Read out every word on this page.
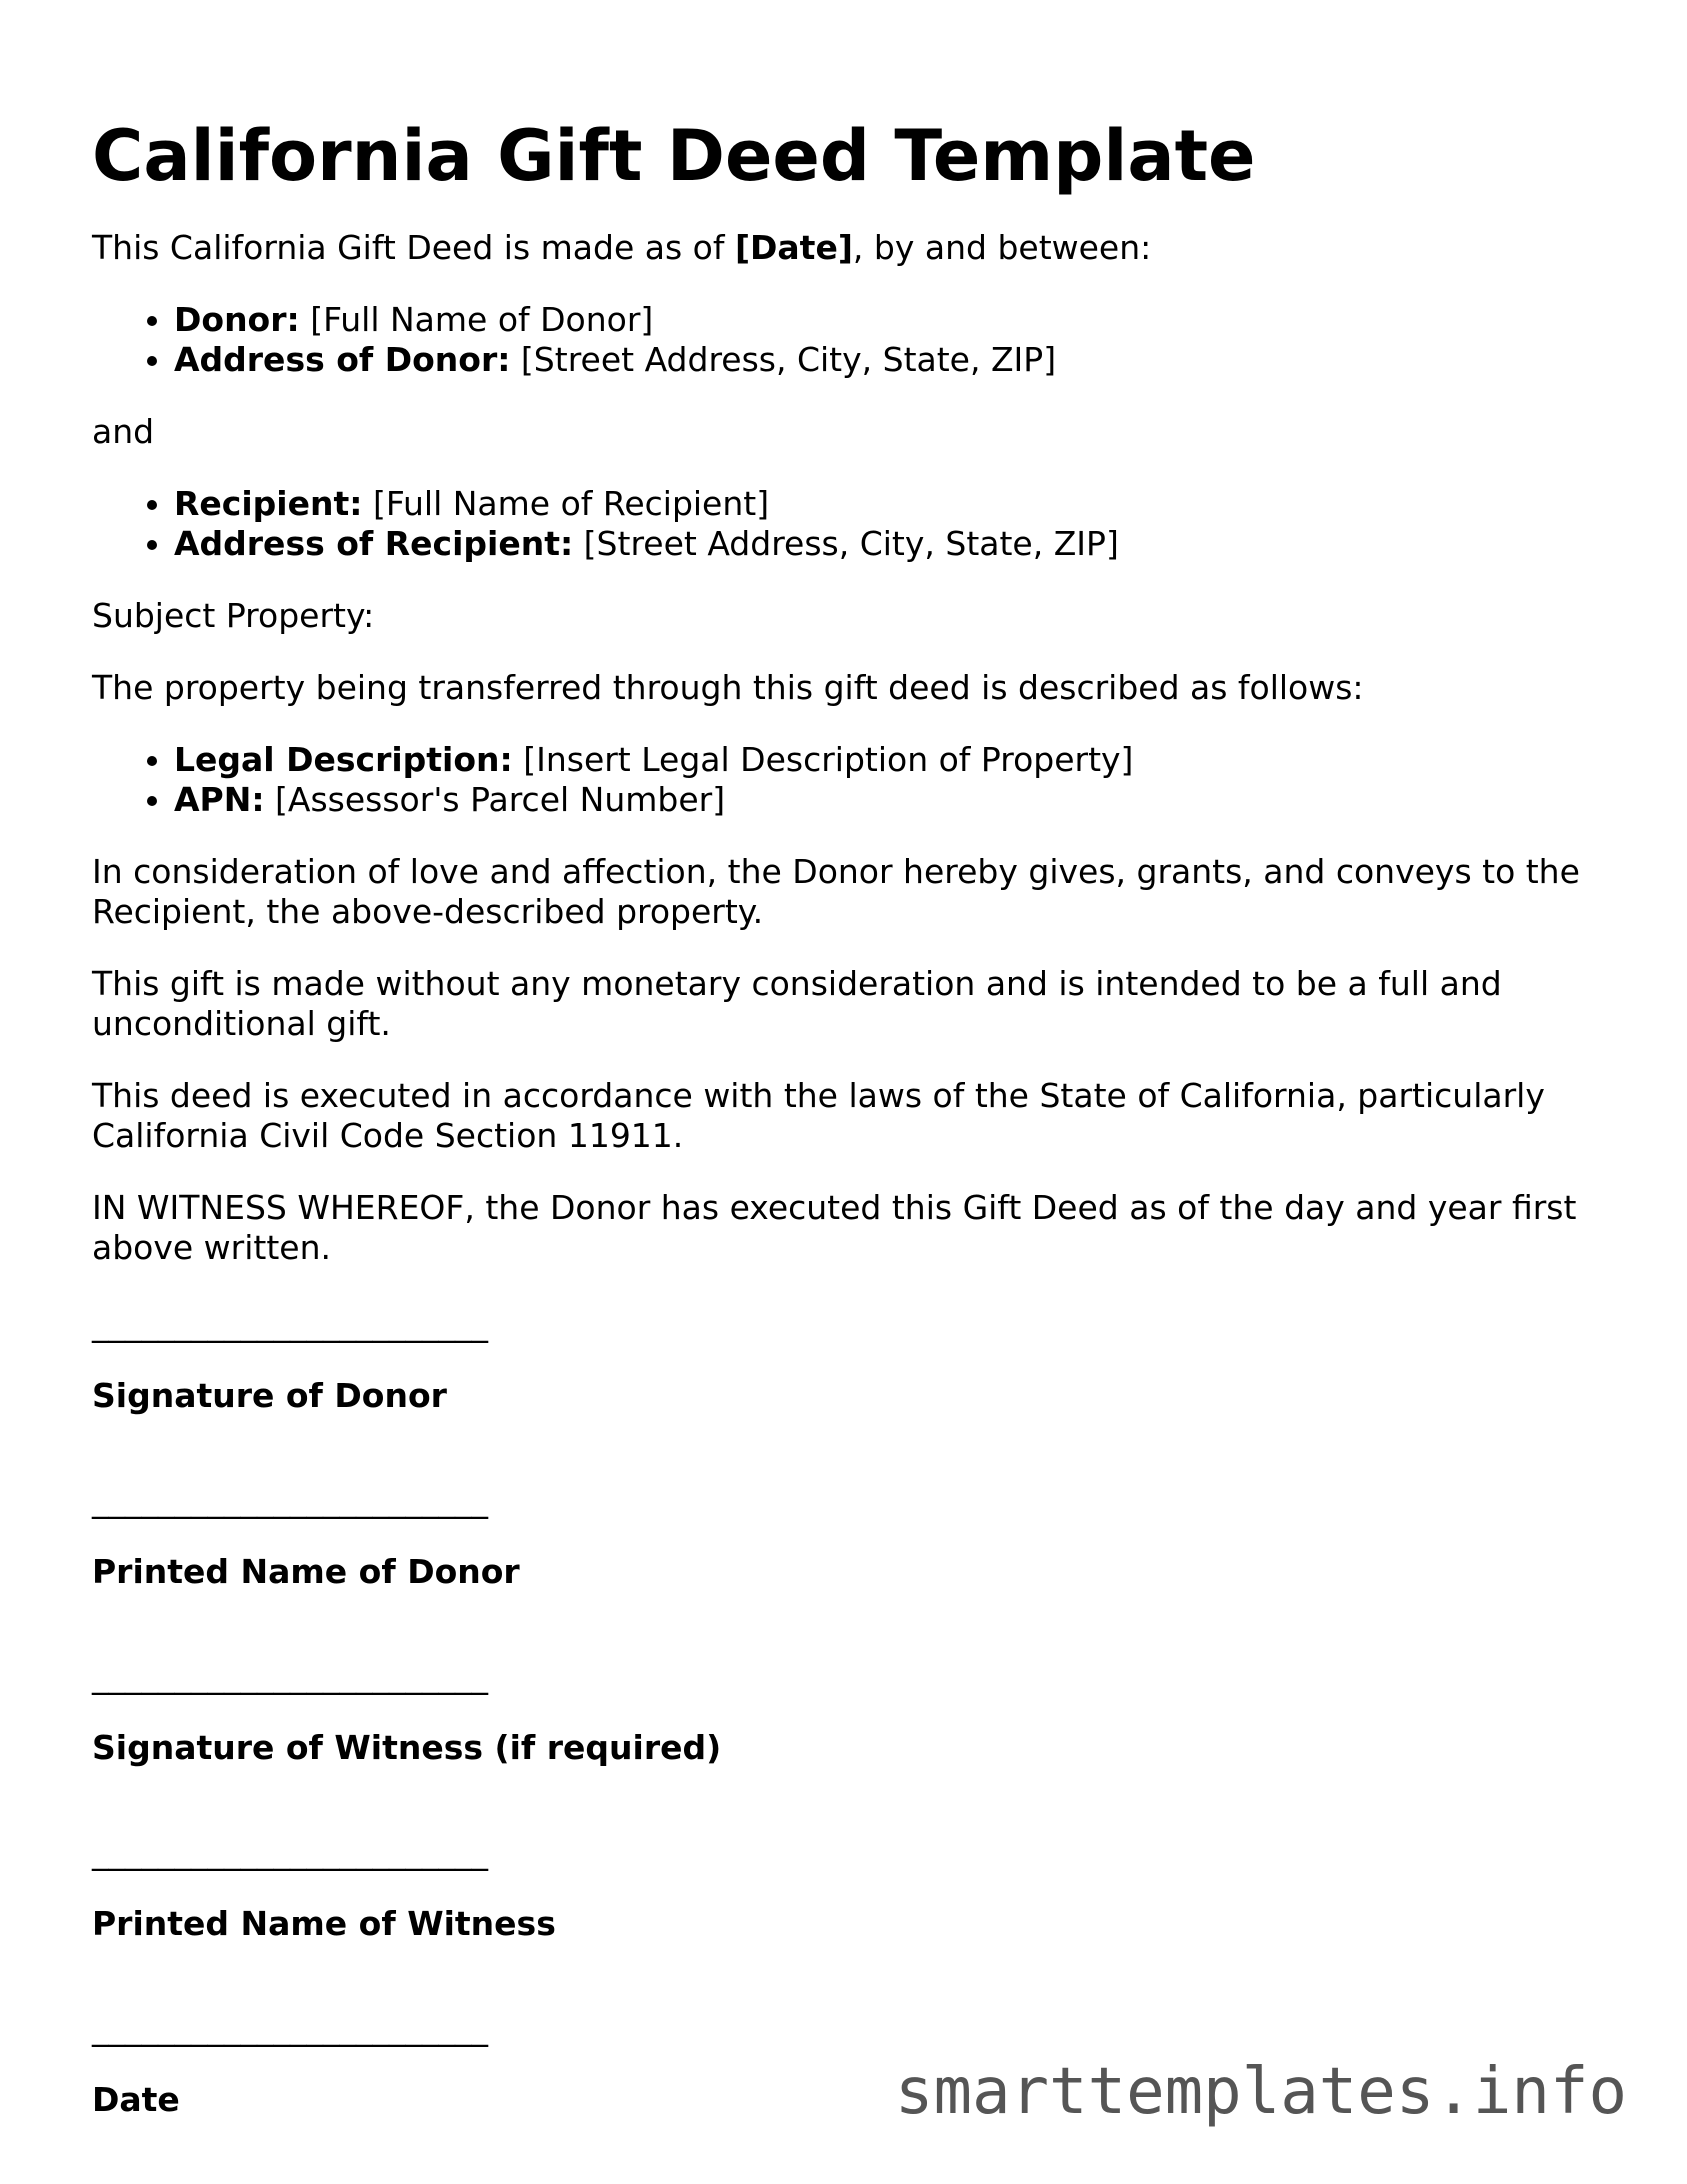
California Gift Deed Template

This California Gift Deed is made as of [Date], by and between:

• Donor: [Full Name of Donor]
• Address of Donor: [Street Address, City, State, ZIP]

and

• Recipient: [Full Name of Recipient]
• Address of Recipient: [Street Address, City, State, ZIP]

Subject Property:

The property being transferred through this gift deed is described as follows:

• Legal Description: [Insert Legal Description of Property]
• APN: [Assessor's Parcel Number]

In consideration of love and affection, the Donor hereby gives, grants, and conveys to the Recipient, the above-described property.

This gift is made without any monetary consideration and is intended to be a full and unconditional gift.

This deed is executed in accordance with the laws of the State of California, particularly California Civil Code Section 11911.

IN WITNESS WHEREOF, the Donor has executed this Gift Deed as of the day and year first above written.

________________________

Signature of Donor

________________________

Printed Name of Donor

________________________

Signature of Witness (if required)

________________________

Printed Name of Witness

________________________

Date	smarttemplates.info
